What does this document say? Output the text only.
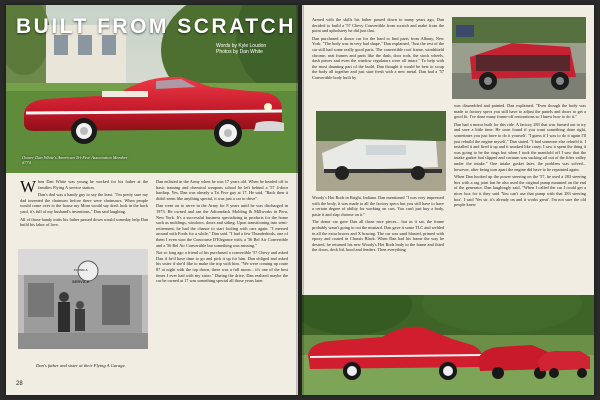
Owner Dan White's American Tri-Five Association Member #774
BUILT FROM SCRATCH
Words by Kyle Loudon
Photos by Dan White

When Dan White was young he worked for his father at the families Flying A service station.

Dan's dad was a handy guy to say the least. "I'm pretty sure my dad invented the chainsaw before there were chainsaws. When people would come over to the house my Mom would say don't look in the back yard, it's full of my husband's inventions," Dan said laughing.

All of those handy traits his father passed down would someday help Dan build his labor of love.

FLYING A
SERVICE
Dan's father and sister at their Flying A Garage.

Dan enlisted in the Army when he was 17 years old. When he headed off to basic training and chemical weapons school he left behind a '57 4-door hardtop. Yes, Dan was already a Tri Five guy at 17. He said, "Back then it didn't seem like anything special, it was just a car to drive".

Dan went on to serve in the Army for 8 years until he was discharged in 1973. He owned and ran the Adirondack Molding & Millworks in Peru, New York. It's a successful business specializing in products for the home such as moldings, windows, doors and siding. Upon transitioning into semi-retirement, he had the chance to start fooling with cars again. "I messed around with Fords for a while," Dan said. "I had a few Thunderbirds, one of them I even won the Concourse D'Elegance with, a '56 Bel Air Convertible and a '56 Bel Air Convertible but something was missing."

Not so long ago a friend of his purchased a convertible '57 Chevy and asked Dan if he'd have time to go and pick it up for him. Dan obliged and asked his sister if she'd like to make the trip with him. "We were coming up route 87 at night with the top down, there was a full moon... it's one of the best times I ever had with my sister." During the drive, Dan realized maybe the car he owned at 17 was something special all those years later.

28

Armed with the skills his father passed down to many years ago, Dan decided to build a '57 Chevy Convertible from scratch and make from the point and upholstery he did just that.

Dan purchased a donor car for the hard to find parts from Albany, New York. "The body was in very bad shape," Dan explained, "Just the rest of the car still had some really good parts. The convertible roof frame, windshield chrome, seat frames and parts like the dash, door rods, the stock wheels, dash pieces and even the window regulators were all intact." To help with the most daunting part of the build, Dan thought it would be best to scrap the body all together and just start fresh with a new metal. Dan had a '57 Convertible body built by

Woody's Hot Rods in Bright, Indiana. Dan mentioned "I was very impressed with the body, it was made to all the factory specs but you still have to have a certain degree of ability for working on cars. You can't just buy a body, paste it and slap chrome on it."

The donor car gave Dan all those nice pieces... but as it sat, the frame probably wasn't going to cut the mustard. Dan gave it some TLC and welded in all the extra braces and X bracing. The car was sand blasted, primed with epoxy and coated in Chassis Black. When Dan had his frame the way he desired, he returned his new Woody's Hot Rods body to the frame and fitted the doors, deck lid, hood and fenders. Then everything

was dissembled and painted. Dan explained, "Even though the body was made to factory specs you still have to adjust the panels and doors to get a good fit. I've done many frame-off restorations so I knew how to do it."

Dan had a motor built for this ride. A factory 283 that was farmed out to try and save a little time. He soon found if you want something done right, sometimes you just have to do it yourself. "I guess if I was to do it again I'll just rebuild the engine myself," Dan stated. "I had someone else rebuild it. I installed it and fired it up and it smoked like crazy. I saw it spent the thing it was going to be the rings but when I took the manifold off I saw that the intake gasket had slipped and vacuum was sucking oil out of the lifter valley under the intake." One intake gasket later, the problem was solved... however, after being torn apart the engine did have to be repainted again.

When Dan hooked up the power steering on the '57, he used a 283 steering box with a rag joint but he also used the original pump mounted on the end of the generator. Dan laughingly said, "When I called the car I could get a nicer box for it they said 'You can't use that pump with that 283 steering box'. I said 'Yes sir, it's already on and it works great'. I'm not sure the old people knew
